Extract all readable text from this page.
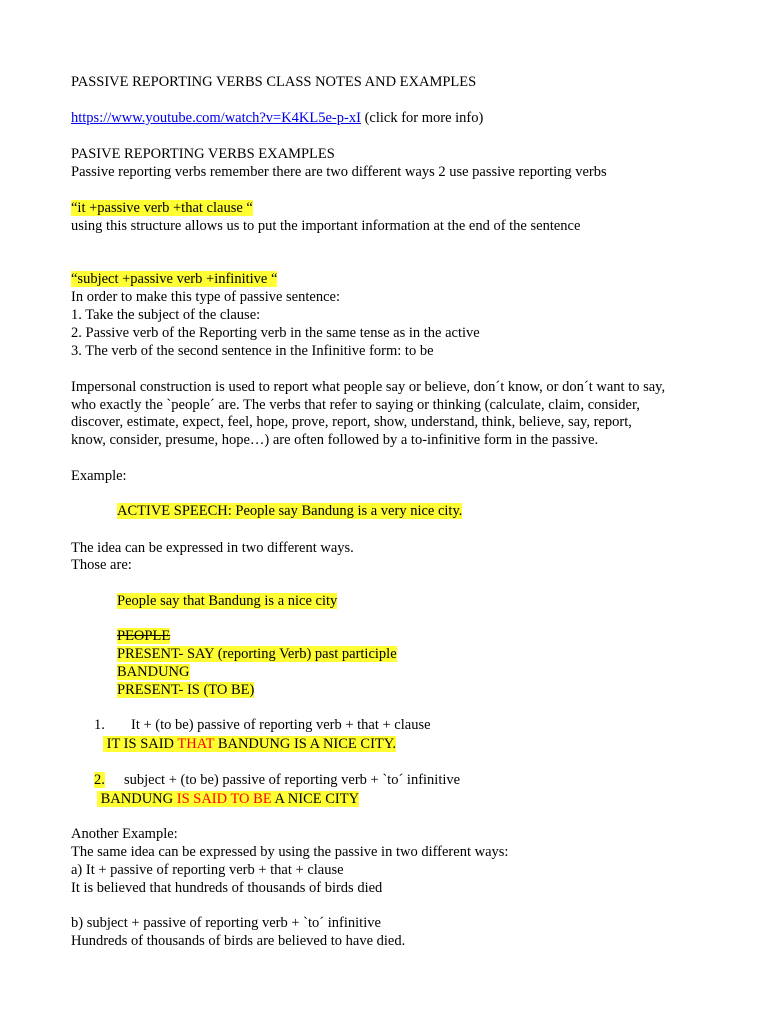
PASSIVE REPORTING VERBS CLASS NOTES AND EXAMPLES
https://www.youtube.com/watch?v=K4KL5e-p-xI (click for more info)
PASIVE REPORTING VERBS EXAMPLES
Passive reporting verbs remember there are two different ways 2 use passive reporting verbs
“it +passive verb +that clause “
using this structure allows us to put the important information at the end of the sentence
“subject +passive verb +infinitive “
In order to make this type of passive sentence:
1. Take the subject of the clause:
2. Passive verb of the Reporting verb in the same tense as in the active
3. The verb of the second sentence in the Infinitive form: to be
Impersonal construction is used to report what people say or believe, don´t know, or don´t want to say,
who exactly the `people´ are. The verbs that refer to saying or thinking (calculate, claim, consider,
discover, estimate, expect, feel, hope, prove, report, show, understand, think, believe, say, report,
know, consider, presume, hope…) are often followed by a to-infinitive form in the passive.
Example:
ACTIVE SPEECH: People say Bandung is a very nice city.
The idea can be expressed in two different ways.
Those are:
People say that Bandung is a nice city
PEOPLE
PRESENT- SAY (reporting Verb) past participle
BANDUNG
PRESENT- IS (TO BE)
1. It + (to be) passive of reporting verb + that + clause
IT IS SAID THAT BANDUNG IS A NICE CITY.
2. subject + (to be) passive of reporting verb + `to´ infinitive
BANDUNG IS SAID TO BE A NICE CITY
Another Example:
The same idea can be expressed by using the passive in two different ways:
a) It + passive of reporting verb + that + clause
It is believed that hundreds of thousands of birds died
b) subject + passive of reporting verb + `to´ infinitive
Hundreds of thousands of birds are believed to have died.
